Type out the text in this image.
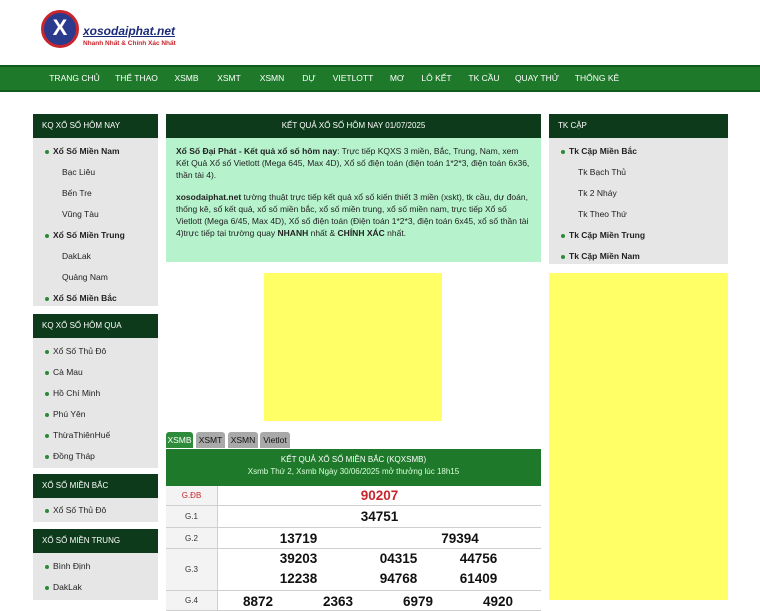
X	xosodaiphat.net
Nhanh Nhất & Chính Xác Nhất
TRANG CHỦ	THỂ THAO	XSMB	XSMT	XSMN	DỰ	VIETLOTT	MƠ	LÔ KẾT	TK CẦU	QUAY THỬ	THỐNG KÊ
KQ XỔ SỐ HÔM NAY
Xổ Số Miền Nam
Bạc Liêu
Bến Tre
Vũng Tàu
Xổ Số Miền Trung
DakLak
Quảng Nam
Xổ Số Miền Bắc
KQ XỔ SỐ HÔM QUA
Xổ Số Thủ Đô
Cà Mau
Hồ Chí Minh
Phú Yên
ThừaThiênHuế
Đồng Tháp
XỔ SỐ MIỀN BẮC
Xổ Số Thủ Đô
XỔ SỐ MIỀN TRUNG
Bình Định
DakLak
KẾT QUẢ XỔ SỐ HÔM NAY 01/07/2025

Xổ Số Đại Phát - Kết quả xổ số hôm nay: Trực tiếp KQXS 3 miền, Bắc, Trung, Nam, xem Kết Quả Xổ số Vietlott (Mega 645, Max 4D), Xổ số điện toán (điện toán 1*2*3, điện toán 6x36, thần tài 4).

xosodaiphat.net tường thuật trực tiếp kết quả xổ số kiến thiết 3 miền (xskt), tk cầu, dự đoán, thống kê, sổ kết quả, xổ số miền bắc, xổ số miền trung, xổ số miền nam, trực tiếp Xổ số Vietlott (Mega 6/45, Max 4D), Xổ số điện toán (Điện toán 1*2*3, điện toán 6x45, xổ số thần tài 4)trực tiếp tại trường quay NHANH nhất & CHÍNH XÁC nhất.

XSMB XSMT XSMN Vietlot
KẾT QUẢ XỔ SỐ MIỀN BẮC (KQXSMB)
Xsmb Thứ 2, Xsmb Ngày 30/06/2025 mở thưởng lúc 18h15
G.ĐB	90207
G.1	34751
G.2	13719	79394
G.3
39203	04315	44756
12238	94768	61409
G.4	8872	2363	6979	4920
TK CẶP
Tk Cặp Miền Bắc
Tk Bạch Thủ
Tk 2 Nháy
Tk Theo Thứ
Tk Cặp Miền Trung
Tk Cặp Miền Nam
